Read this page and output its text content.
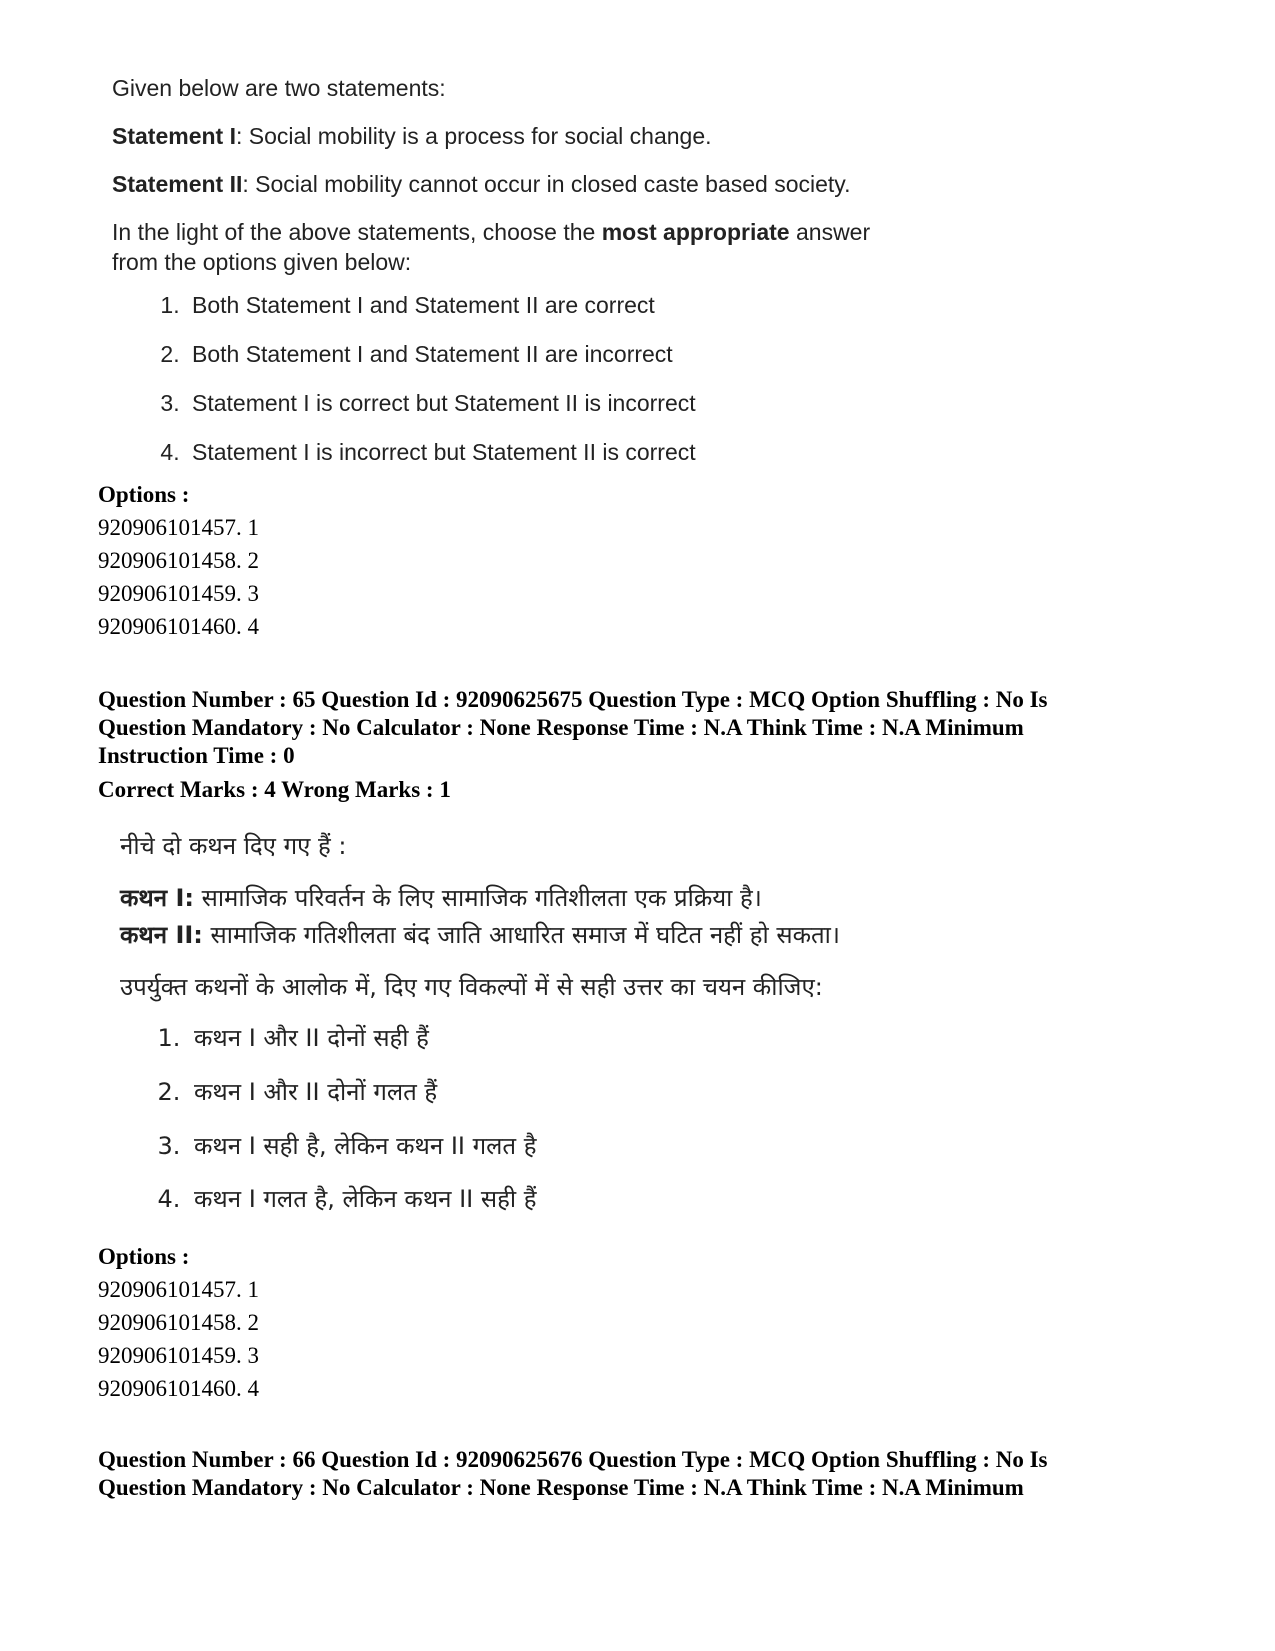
Given below are two statements:
Statement I: Social mobility is a process for social change.
Statement II: Social mobility cannot occur in closed caste based society.
In the light of the above statements, choose the most appropriate answer
from the options given below:
1. Both Statement I and Statement II are correct
2. Both Statement I and Statement II are incorrect
3. Statement I is correct but Statement II is incorrect
4. Statement I is incorrect but Statement II is correct
Options :
920906101457. 1
920906101458. 2
920906101459. 3
920906101460. 4
Question Number : 65 Question Id : 92090625675 Question Type : MCQ Option Shuffling : No Is
Question Mandatory : No Calculator : None Response Time : N.A Think Time : N.A Minimum
Instruction Time : 0
Correct Marks : 4 Wrong Marks : 1
नीचे दो कथन दिए गए हैं :
कथन I: सामाजिक परिवर्तन के लिए सामाजिक गतिशीलता एक प्रक्रिया है।
कथन II: सामाजिक गतिशीलता बंद जाति आधारित समाज में घटित नहीं हो सकता।
उपर्युक्त कथनों के आलोक में, दिए गए विकल्पों में से सही उत्तर का चयन कीजिए:
1. कथन I और II दोनों सही हैं
2. कथन I और II दोनों गलत हैं
3. कथन I सही है, लेकिन कथन II गलत है
4. कथन I गलत है, लेकिन कथन II सही हैं
Options :
920906101457. 1
920906101458. 2
920906101459. 3
920906101460. 4
Question Number : 66 Question Id : 92090625676 Question Type : MCQ Option Shuffling : No Is
Question Mandatory : No Calculator : None Response Time : N.A Think Time : N.A Minimum
